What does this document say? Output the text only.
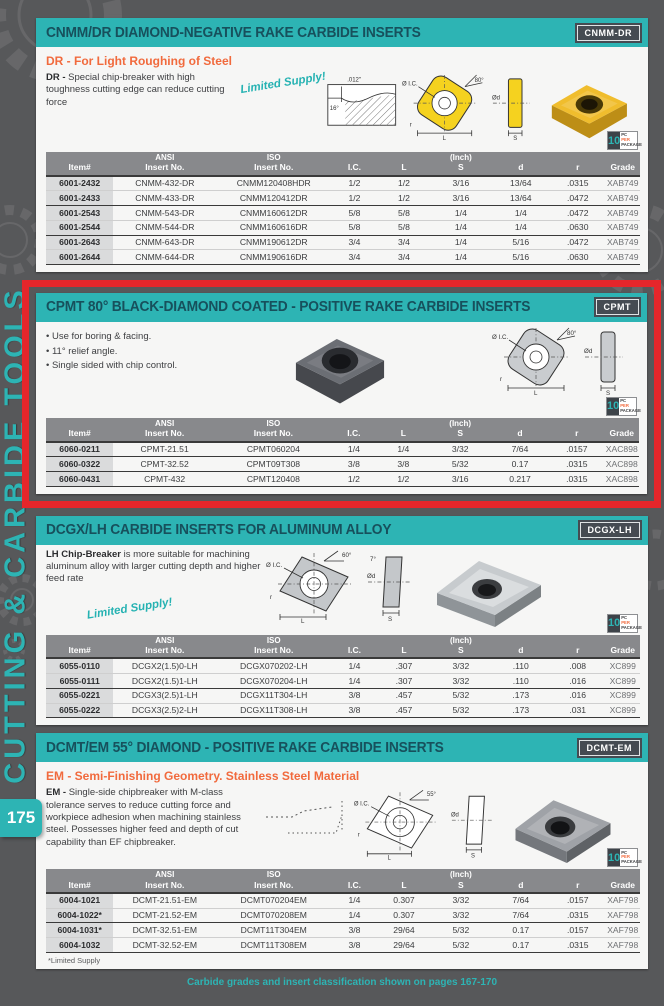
CUTTING & CARBIDE TOOLS
175
CNMM/DR DIAMOND-NEGATIVE RAKE CARBIDE INSERTS	CNMM-DR
DR - For Light Roughing of Steel
DR - Special chip-breaker with high toughness cutting edge can reduce cutting force
Limited Supply!	.012"
16°
80°
Ø I.C.
r
L
Ød
S	10 PC
PER
PACKAGE
Item#	ANSI
Insert No.	ISO
Insert No.	I.C.	L	(Inch)
S	d	r	Grade

6001-2432	CNMM-432-DR	CNMM120408HDR	1/2	1/2	3/16	13/64	.0315	XAB749
6001-2433	CNMM-433-DR	CNMM120412DR	1/2	1/2	3/16	13/64	.0472	XAB749
6001-2543	CNMM-543-DR	CNMM160612DR	5/8	5/8	1/4	1/4	.0472	XAB749
6001-2544	CNMM-544-DR	CNMM160616DR	5/8	5/8	1/4	1/4	.0630	XAB749
6001-2643	CNMM-643-DR	CNMM190612DR	3/4	3/4	1/4	5/16	.0472	XAB749
6001-2644	CNMM-644-DR	CNMM190616DR	3/4	3/4	1/4	5/16	.0630	XAB749
CPMT 80° BLACK-DIAMOND COATED - POSITIVE RAKE CARBIDE INSERTS	CPMT
• Use for boring & facing.
• 11° relief angle.
• Single sided with chip control.
80°
Ø I.C.
r
L
Ød
S
10 PC
PER
PACKAGE
Item#	ANSI
Insert No.	ISO
Insert No.	I.C.	L	(Inch)
S	d	r	Grade

6060-0211	CPMT-21.51	CPMT060204	1/4	1/4	3/32	7/64	.0157	XAC898
6060-0322	CPMT-32.52	CPMT09T308	3/8	3/8	5/32	0.17	.0315	XAC898
6060-0431	CPMT-432	CPMT120408	1/2	1/2	3/16	0.217	.0315	XAC898
DCGX/LH CARBIDE INSERTS FOR ALUMINUM ALLOY	DCGX-LH
LH Chip-Breaker is more suitable for machining aluminum alloy with larger cutting depth and higher feed rate
Limited Supply!
60°
Ø I.C.
r
L
7°
Ød
S	10 PC
PER
PACKAGE
Item#	ANSI
Insert No.	ISO
Insert No.	I.C.	L	(Inch)
S	d	r	Grade

6055-0110	DCGX2(1.5)0-LH	DCGX070202-LH	1/4	.307	3/32	.110	.008	XC899
6055-0111	DCGX2(1.5)1-LH	DCGX070204-LH	1/4	.307	3/32	.110	.016	XC899
6055-0221	DCGX3(2.5)1-LH	DCGX11T304-LH	3/8	.457	5/32	.173	.016	XC899
6055-0222	DCGX3(2.5)2-LH	DCGX11T308-LH	3/8	.457	5/32	.173	.031	XC899
DCMT/EM 55° DIAMOND - POSITIVE RAKE CARBIDE INSERTS	DCMT-EM
EM - Semi-Finishing Geometry. Stainless Steel Material
EM - Single-side chipbreaker with M-class tolerance serves to reduce cutting force and workpiece adhesion when machining stainless steel. Possesses higher feed and depth of cut capability than EF chipbreaker.
55°
Ø I.C.
r
L
Ød
S	10 PC
PER
PACKAGE
Item#	ANSI
Insert No.	ISO
Insert No.	I.C.	L	(Inch)
S	d	r	Grade

6004-1021	DCMT-21.51-EM	DCMT070204EM	1/4	0.307	3/32	7/64	.0157	XAF798
6004-1022*	DCMT-21.52-EM	DCMT070208EM	1/4	0.307	3/32	7/64	.0315	XAF798
6004-1031*	DCMT-32.51-EM	DCMT11T304EM	3/8	29/64	5/32	0.17	.0157	XAF798
6004-1032	DCMT-32.52-EM	DCMT11T308EM	3/8	29/64	5/32	0.17	.0315	XAF798
*Limited Supply
Carbide grades and insert classification shown on pages 167-170
